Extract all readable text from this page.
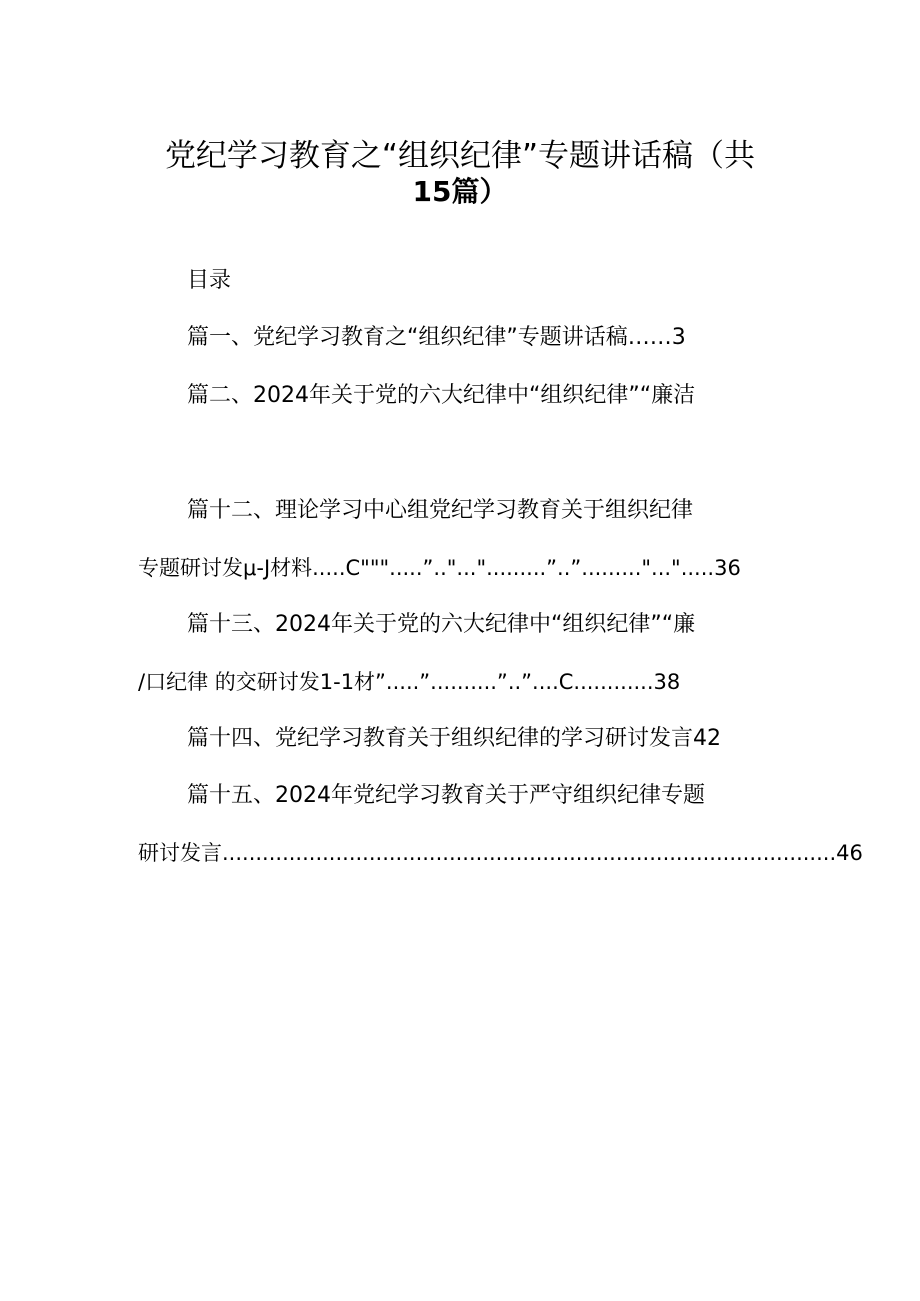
党纪学习教育之“组织纪律”专题讲话稿（共
15篇）
目录
篇一、党纪学习教育之“组织纪律”专题讲话稿……3
篇二、2024年关于党的六大纪律中“组织纪律”“廉洁
篇十二、理论学习中心组党纪学习教育关于组织纪律
专题研讨发μ-J材料.....C""".....”.."...".........”..”........."...".....36
篇十三、2024年关于党的六大纪律中“组织纪律”“廉
/口纪律 的交研讨发1-1材”.....”..........”..”....C............38
篇十四、党纪学习教育关于组织纪律的学习研讨发言42
篇十五、2024年党纪学习教育关于严守组织纪律专题
研讨发言............................................................................................46
